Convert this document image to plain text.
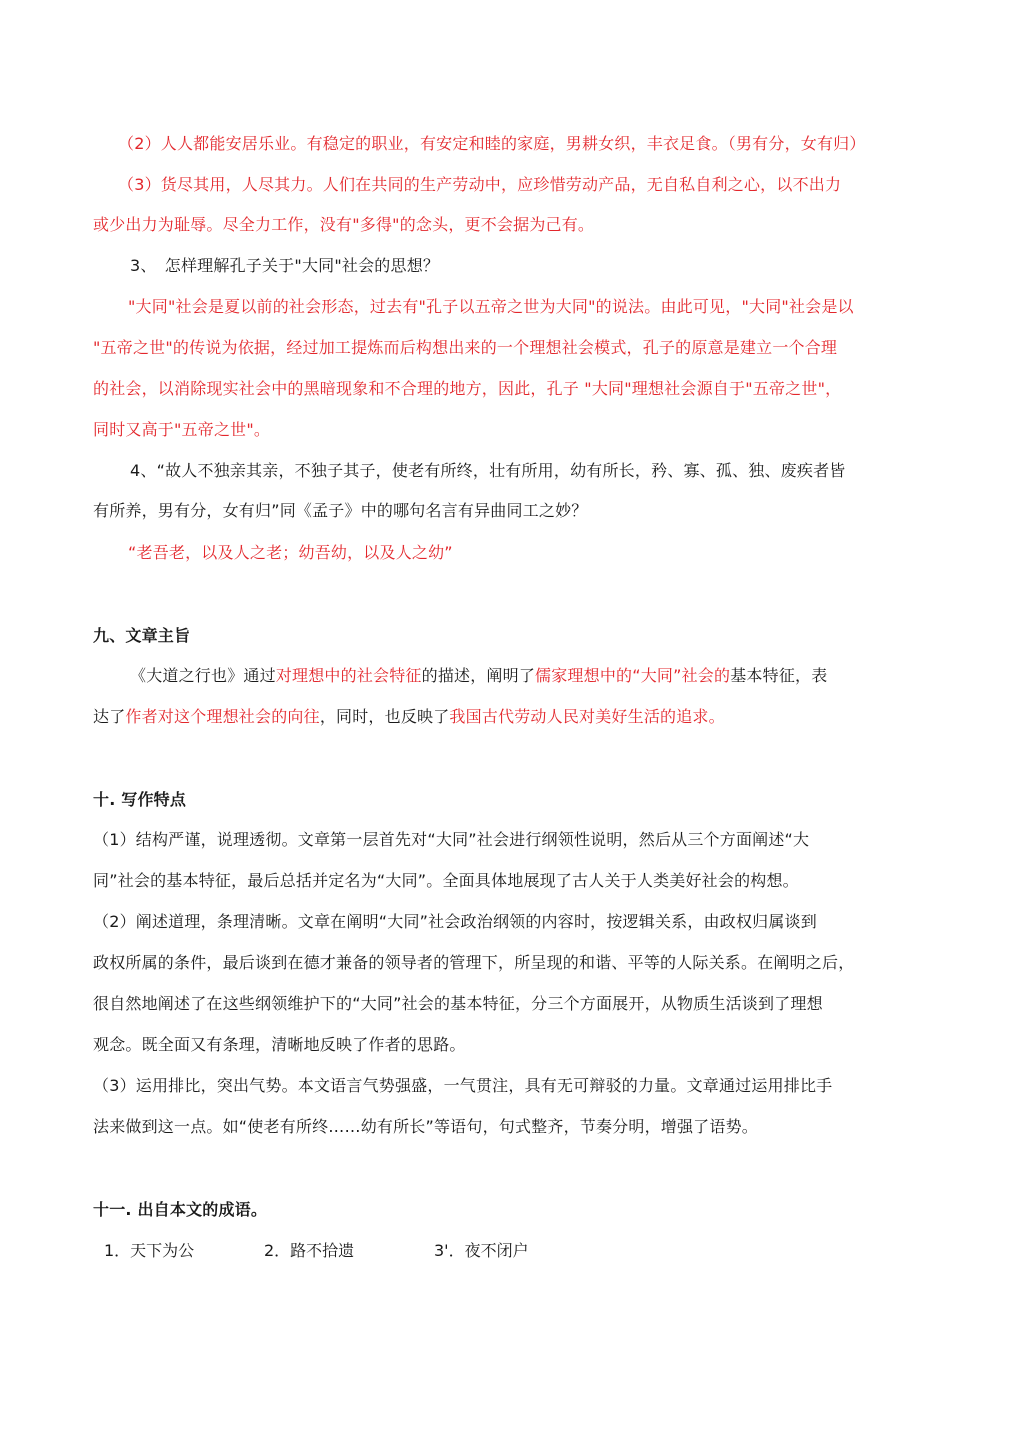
（2）人人都能安居乐业。有稳定的职业，有安定和睦的家庭，男耕女织，丰衣足食。（男有分，女有归）
（3）货尽其用，人尽其力。人们在共同的生产劳动中，应珍惜劳动产品，无自私自利之心，以不出力
或少出力为耻辱。尽全力工作，没有"多得"的念头，更不会据为己有。
3、　怎样理解孔子关于"大同"社会的思想？
"大同"社会是夏以前的社会形态，过去有"孔子以五帝之世为大同"的说法。由此可见，"大同"社会是以
"五帝之世"的传说为依据，经过加工提炼而后构想出来的一个理想社会模式，孔子的原意是建立一个合理
的社会，以消除现实社会中的黑暗现象和不合理的地方，因此，孔子 "大同"理想社会源自于"五帝之世"，
同时又高于"五帝之世"。
4、“故人不独亲其亲，不独子其子，使老有所终，壮有所用，幼有所长，矜、寡、孤、独、废疾者皆
有所养，男有分，女有归”同《孟子》中的哪句名言有异曲同工之妙？
“老吾老，以及人之老；幼吾幼，以及人之幼”
九、文章主旨
《大道之行也》通过对理想中的社会特征的描述，阐明了儒家理想中的“大同”社会的基本特征，表
达了作者对这个理想社会的向往，同时，也反映了我国古代劳动人民对美好生活的追求。
十. 写作特点
（1）结构严谨，说理透彻。文章第一层首先对“大同”社会进行纲领性说明，然后从三个方面阐述“大
同”社会的基本特征，最后总括并定名为“大同”。全面具体地展现了古人关于人类美好社会的构想。
（2）阐述道理，条理清晰。文章在阐明“大同”社会政治纲领的内容时，按逻辑关系，由政权归属谈到
政权所属的条件，最后谈到在德才兼备的领导者的管理下，所呈现的和谐、平等的人际关系。在阐明之后，
很自然地阐述了在这些纲领维护下的“大同”社会的基本特征，分三个方面展开，从物质生活谈到了理想
观念。既全面又有条理，清晰地反映了作者的思路。
（3）运用排比，突出气势。本文语言气势强盛，一气贯注，具有无可辩驳的力量。文章通过运用排比手
法来做到这一点。如“使老有所终……幼有所长”等语句，句式整齐，节奏分明，增强了语势。
十一. 出自本文的成语。
1．天下为公	2．路不拾遗	3'．夜不闭户
